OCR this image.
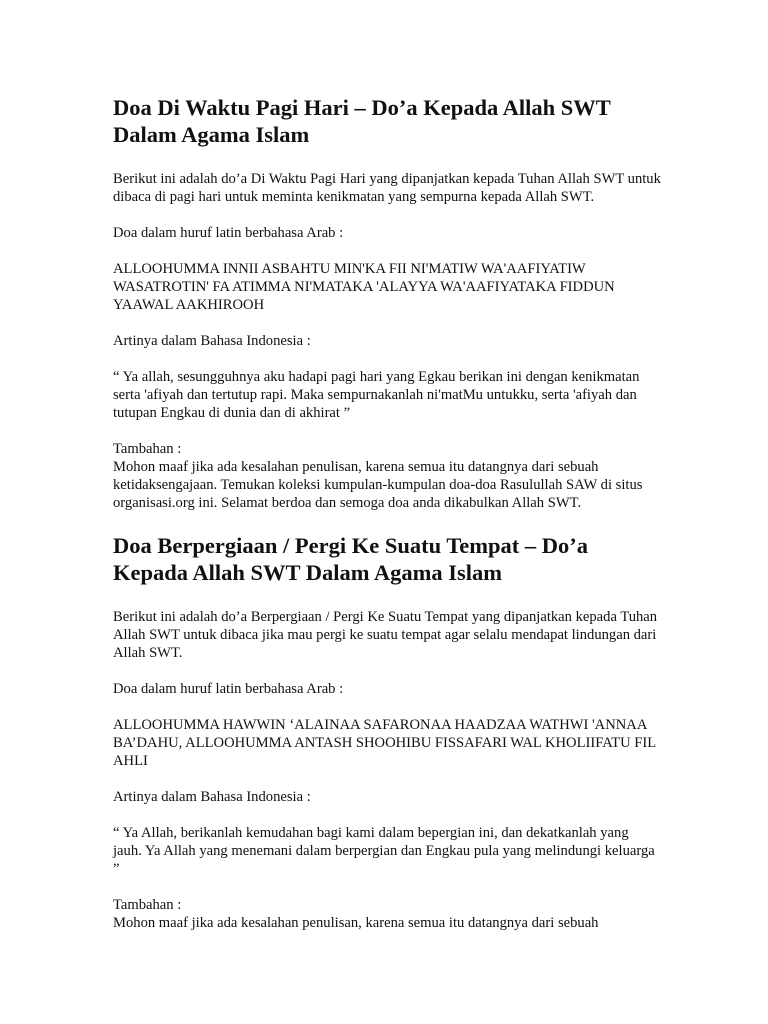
Doa Di Waktu Pagi Hari – Do’a Kepada Allah SWT Dalam Agama Islam

Berikut ini adalah do’a Di Waktu Pagi Hari yang dipanjatkan kepada Tuhan Allah SWT untuk dibaca di pagi hari untuk meminta kenikmatan yang sempurna kepada Allah SWT.

Doa dalam huruf latin berbahasa Arab :

ALLOOHUMMA INNII ASBAHTU MIN'KA FII NI'MATIW WA'AAFIYATIW WASATROTIN' FA ATIMMA NI'MATAKA 'ALAYYA WA'AAFIYATAKA FIDDUN YAAWAL AAKHIROOH

Artinya dalam Bahasa Indonesia :

“ Ya allah, sesungguhnya aku hadapi pagi hari yang Egkau berikan ini dengan kenikmatan serta 'afiyah dan tertutup rapi. Maka sempurnakanlah ni'matMu untukku, serta 'afiyah dan tutupan Engkau di dunia dan di akhirat ”

Tambahan :

Mohon maaf jika ada kesalahan penulisan, karena semua itu datangnya dari sebuah ketidaksengajaan. Temukan koleksi kumpulan-kumpulan doa-doa Rasulullah SAW di situs organisasi.org ini. Selamat berdoa dan semoga doa anda dikabulkan Allah SWT.

Doa Berpergiaan / Pergi Ke Suatu Tempat – Do’a Kepada Allah SWT Dalam Agama Islam

Berikut ini adalah do’a Berpergiaan / Pergi Ke Suatu Tempat yang dipanjatkan kepada Tuhan Allah SWT untuk dibaca jika mau pergi ke suatu tempat agar selalu mendapat lindungan dari Allah SWT.

Doa dalam huruf latin berbahasa Arab :

ALLOOHUMMA HAWWIN ‘ALAINAA SAFARONAA HAADZAA WATHWI 'ANNAA BA’DAHU, ALLOOHUMMA ANTASH SHOOHIBU FISSAFARI WAL KHOLIIFATU FIL AHLI

Artinya dalam Bahasa Indonesia :

“ Ya Allah, berikanlah kemudahan bagi kami dalam bepergian ini, dan dekatkanlah yang jauh. Ya Allah yang menemani dalam berpergian dan Engkau pula yang melindungi keluarga ”

Tambahan :

Mohon maaf jika ada kesalahan penulisan, karena semua itu datangnya dari sebuah
